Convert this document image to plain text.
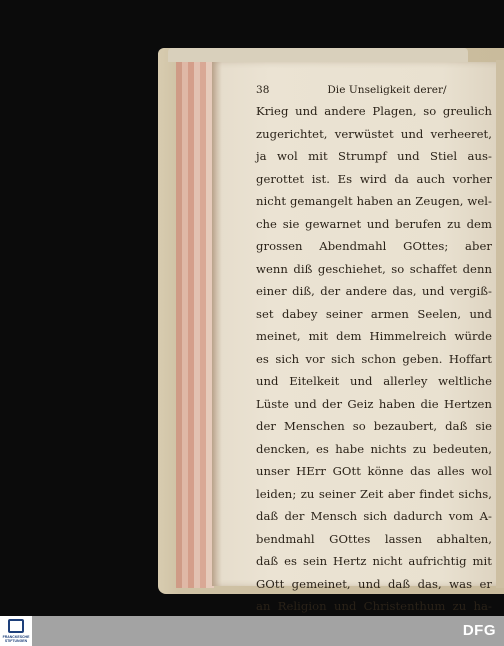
38	Die Unseligkeit derer/
Krieg und andere Plagen, so greulich
zugerichtet, verwüstet und verheeret,
ja wol mit Strumpf und Stiel aus-
gerottet ist. Es wird da auch vorher
nicht gemangelt haben an Zeugen, wel-
che sie gewarnet und berufen zu dem
grossen Abendmahl GOttes; aber
wenn diß geschiehet, so schaffet denn
einer diß, der andere das, und vergiß-
set dabey seiner armen Seelen, und
meinet, mit dem Himmelreich würde
es sich vor sich schon geben. Hoffart
und Eitelkeit und allerley weltliche
Lüste und der Geiz haben die Hertzen
der Menschen so bezaubert, daß sie
dencken, es habe nichts zu bedeuten,
unser HErr GOtt könne das alles wol
leiden; zu seiner Zeit aber findet sichs,
daß der Mensch sich dadurch vom A-
bendmahl GOttes lassen abhalten,
daß es sein Hertz nicht aufrichtig mit
GOtt gemeinet, und daß das, was er
an Religion und Christenthum zu ha-
FRANCKESCHE STIFTUNGEN
DFG
